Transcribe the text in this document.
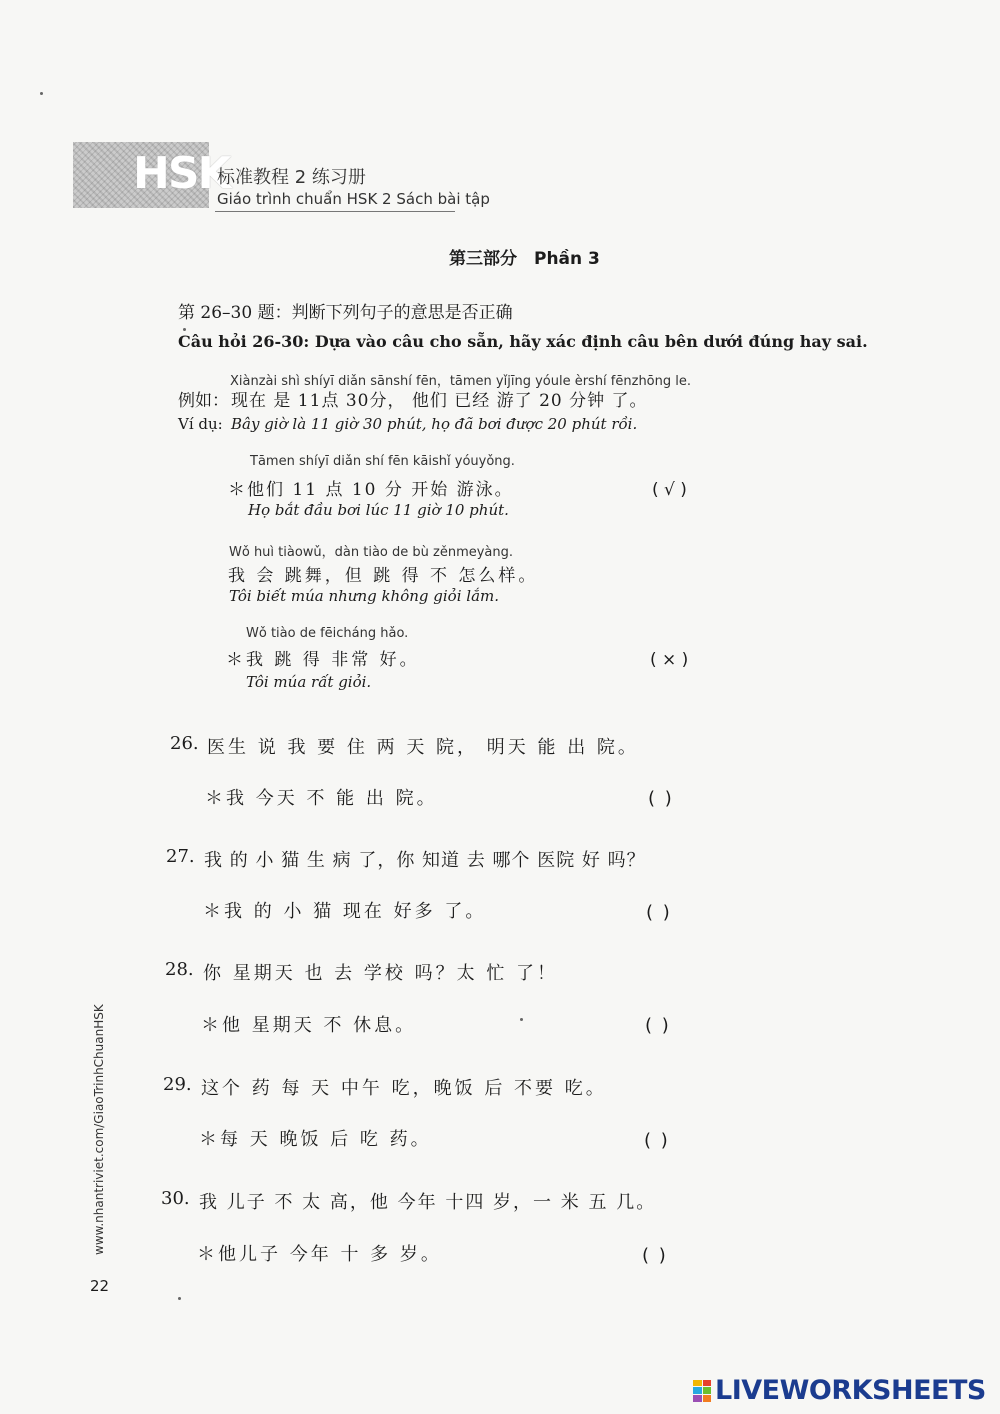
HSK
标准教程 2 练习册
Giáo trình chuẩn HSK 2 Sách bài tập
第三部分　Phần 3
第 26–30 题：判断下列句子的意思是否正确
Câu hỏi 26-30: Dựa vào câu cho sẵn, hãy xác định câu bên dưới đúng hay sai.
Xiànzài shì shíyī diǎn sānshí fēn，tāmen yǐjīng yóule èrshí fēnzhōng le.
例如： 现在 是 11点 30分， 他们 已经 游了 20 分钟 了。
Ví dụ: Bây giờ là 11 giờ 30 phút, họ đã bơi được 20 phút rồi.
Tāmen shíyī diǎn shí fēn kāishǐ yóuyǒng.
＊他们 11 点 10 分 开始 游泳。
Họ bắt đầu bơi lúc 11 giờ 10 phút.
( √ )
Wǒ huì tiàowǔ，dàn tiào de bù zěnmeyàng.
我 会 跳舞，但 跳 得 不 怎么样。
Tôi biết múa nhưng không giỏi lắm.
Wǒ tiào de fēicháng hǎo.
＊我 跳 得 非常 好。
Tôi múa rất giỏi.
( × )
26. 医生 说 我 要 住 两 天 院， 明天 能 出 院。
＊我 今天 不 能 出 院。	( )
27. 我 的 小 猫 生 病 了，你 知道 去 哪个 医院 好 吗？
＊我 的 小 猫 现在 好多 了。	( )
28. 你 星期天 也 去 学校 吗？太 忙 了！
＊他 星期天 不 休息。	( )
29. 这个 药 每 天 中午 吃，晚饭 后 不要 吃。
＊每 天 晚饭 后 吃 药。	( )
30. 我 儿子 不 太 高，他 今年 十四 岁，一 米 五 几。
＊他儿子 今年 十 多 岁。	( )
www.nhantriviet.com/GiaoTrinhChuanHSK
22
LIVEWORKSHEETS
